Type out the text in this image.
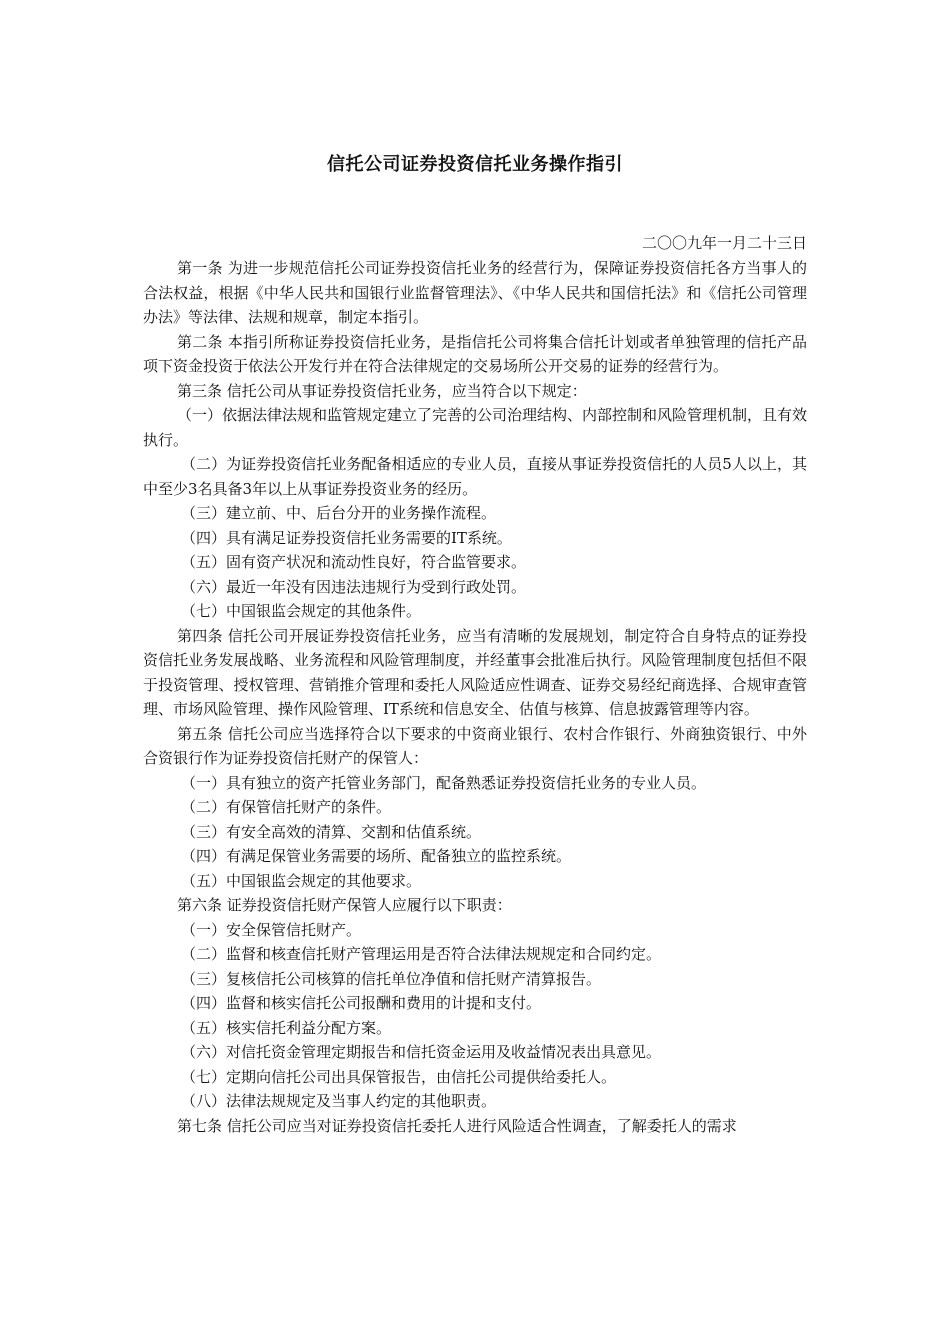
信托公司证券投资信托业务操作指引
二〇〇九年一月二十三日

第一条 为进一步规范信托公司证券投资信托业务的经营行为，保障证券投资信托各方当事人的合法权益，根据《中华人民共和国银行业监督管理法》、《中华人民共和国信托法》和《信托公司管理办法》等法律、法规和规章，制定本指引。

第二条 本指引所称证券投资信托业务，是指信托公司将集合信托计划或者单独管理的信托产品项下资金投资于依法公开发行并在符合法律规定的交易场所公开交易的证券的经营行为。

第三条 信托公司从事证券投资信托业务，应当符合以下规定：

（一）依据法律法规和监管规定建立了完善的公司治理结构、内部控制和风险管理机制，且有效执行。

（二）为证券投资信托业务配备相适应的专业人员，直接从事证券投资信托的人员5人以上，其中至少3名具备3年以上从事证券投资业务的经历。

（三）建立前、中、后台分开的业务操作流程。

（四）具有满足证券投资信托业务需要的IT系统。

（五）固有资产状况和流动性良好，符合监管要求。

（六）最近一年没有因违法违规行为受到行政处罚。

（七）中国银监会规定的其他条件。

第四条 信托公司开展证券投资信托业务，应当有清晰的发展规划，制定符合自身特点的证券投资信托业务发展战略、业务流程和风险管理制度，并经董事会批准后执行。风险管理制度包括但不限于投资管理、授权管理、营销推介管理和委托人风险适应性调查、证券交易经纪商选择、合规审查管理、市场风险管理、操作风险管理、IT系统和信息安全、估值与核算、信息披露管理等内容。

第五条 信托公司应当选择符合以下要求的中资商业银行、农村合作银行、外商独资银行、中外合资银行作为证券投资信托财产的保管人：

（一）具有独立的资产托管业务部门，配备熟悉证券投资信托业务的专业人员。

（二）有保管信托财产的条件。

（三）有安全高效的清算、交割和估值系统。

（四）有满足保管业务需要的场所、配备独立的监控系统。

（五）中国银监会规定的其他要求。

第六条 证券投资信托财产保管人应履行以下职责：

（一）安全保管信托财产。

（二）监督和核查信托财产管理运用是否符合法律法规规定和合同约定。

（三）复核信托公司核算的信托单位净值和信托财产清算报告。

（四）监督和核实信托公司报酬和费用的计提和支付。

（五）核实信托利益分配方案。

（六）对信托资金管理定期报告和信托资金运用及收益情况表出具意见。

（七）定期向信托公司出具保管报告，由信托公司提供给委托人。

（八）法律法规规定及当事人约定的其他职责。

第七条 信托公司应当对证券投资信托委托人进行风险适合性调查，了解委托人的需求
